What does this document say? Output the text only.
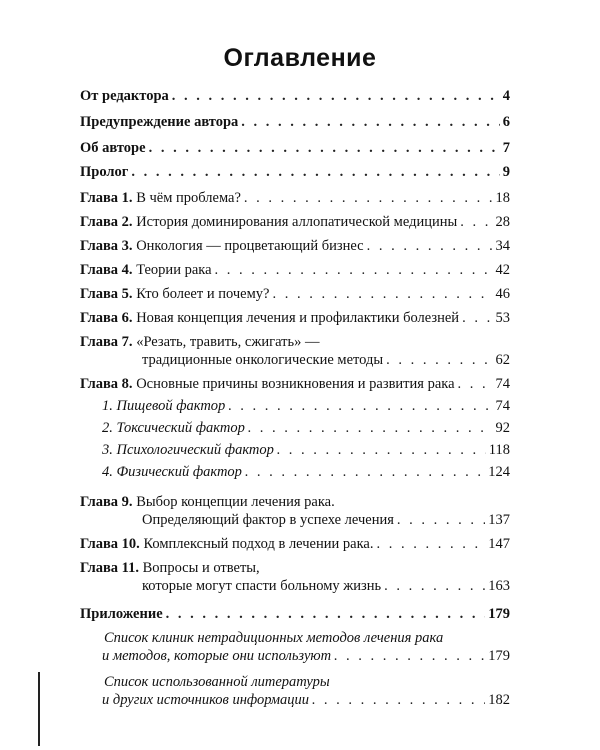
Оглавление
От редактора . . .	4
Предупреждение автора . . .	6
Об авторе . . .	7
Пролог . . .	9
Глава 1. В чём проблема? . . .	18
Глава 2. История доминирования аллопатической медицины . . .	28
Глава 3. Онкология — процветающий бизнес . . .	34
Глава 4. Теории рака . . .	42
Глава 5. Кто болеет и почему? . . .	46
Глава 6. Новая концепция лечения и профилактики болезней . . .	53
Глава 7. «Резать, травить, сжигать» —
традиционные онкологические методы . . .	62
Глава 8. Основные причины возникновения и развития рака . . .	74
1. Пищевой фактор . . .	74
2. Токсический фактор . . .	92
3. Психологический фактор . . .	118
4. Физический фактор . . .	124
Глава 9. Выбор концепции лечения рака.
Определяющий фактор в успехе лечения . . .	137
Глава 10. Комплексный подход в лечении рака. . . .	147
Глава 11. Вопросы и ответы,
которые могут спасти больному жизнь . . .	163
Приложение . . .	179
Список клиник нетрадиционных методов лечения рака
и методов, которые они используют . . .	179
Список использованной литературы
и других источников информации . . .	182
